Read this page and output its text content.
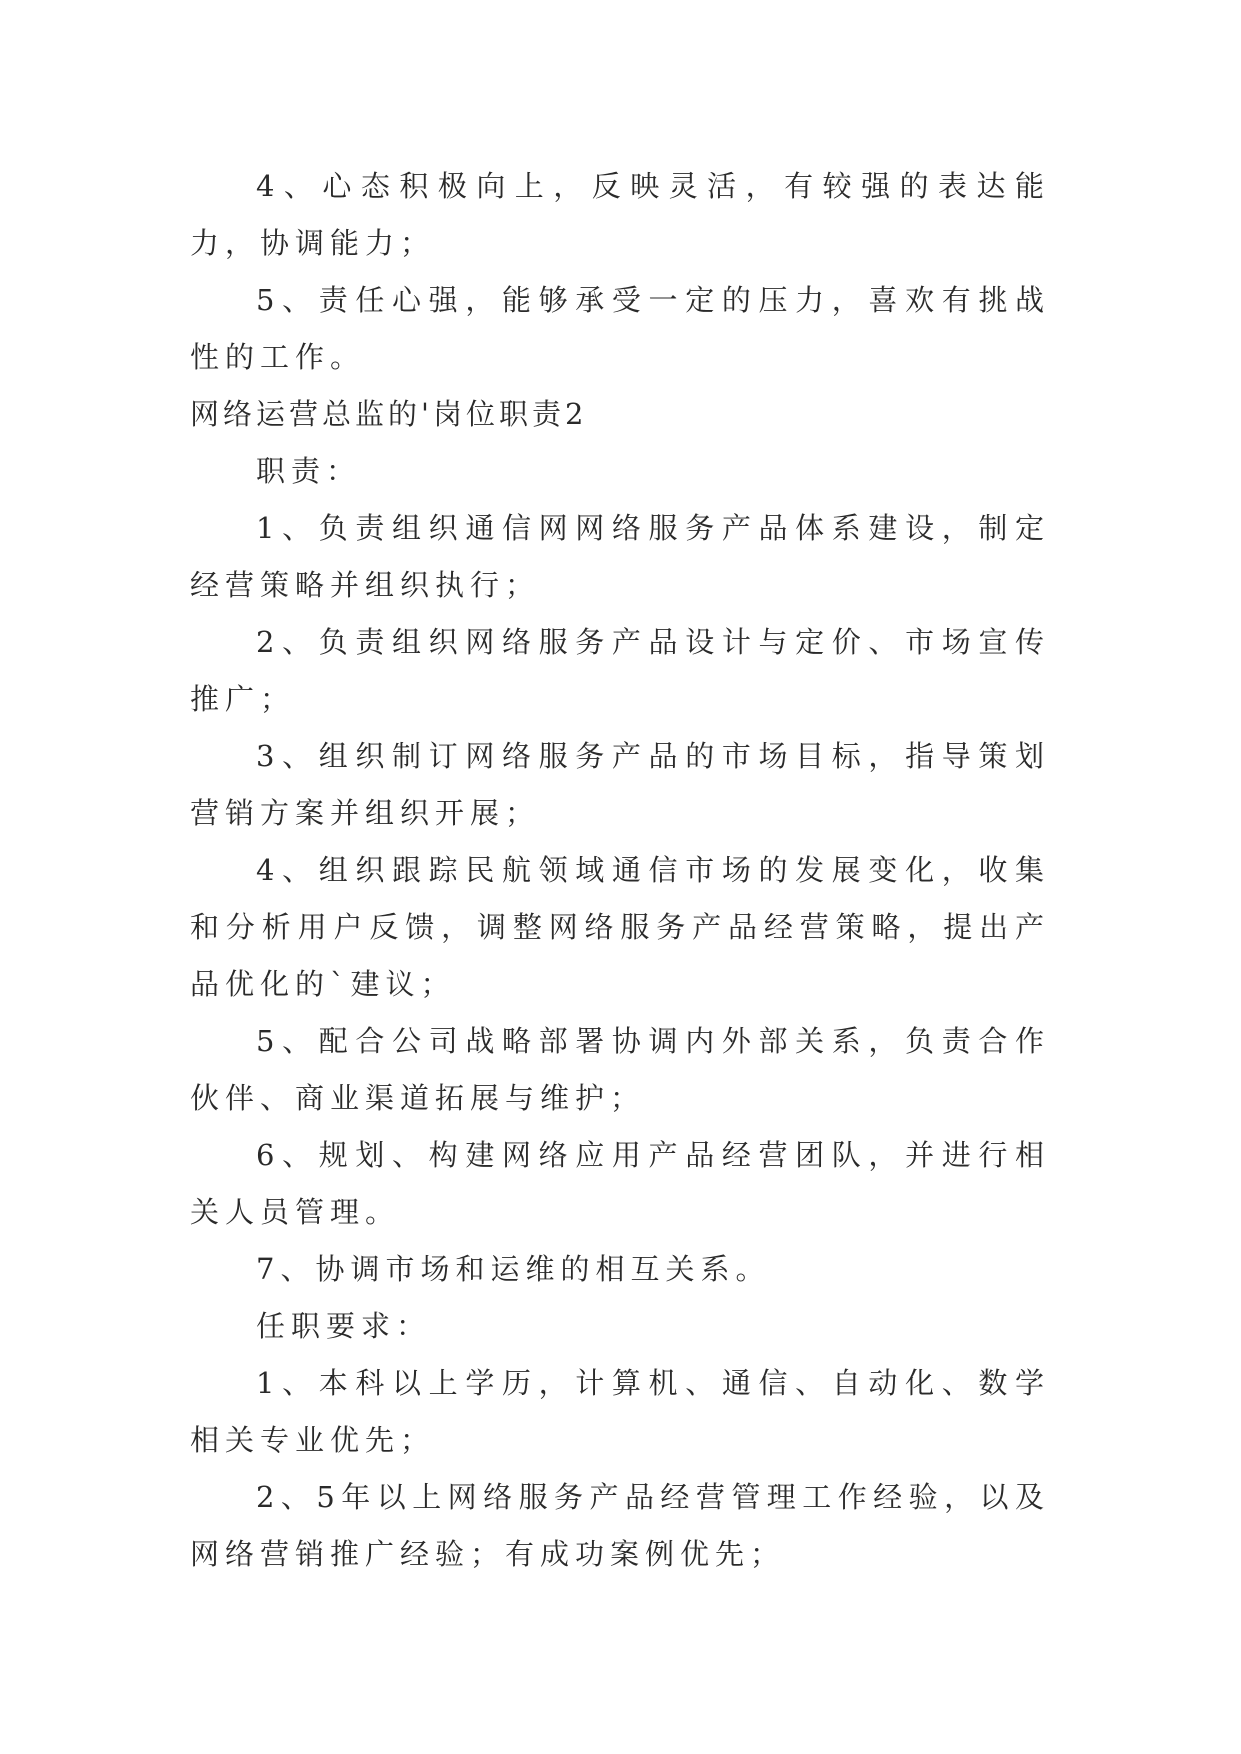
4、心态积极向上，反映灵活，有较强的表达能力，协调能力；

5、责任心强，能够承受一定的压力，喜欢有挑战性的工作。

网络运营总监的'岗位职责2

职责：

1、负责组织通信网网络服务产品体系建设，制定经营策略并组织执行；

2、负责组织网络服务产品设计与定价、市场宣传推广；

3、组织制订网络服务产品的市场目标，指导策划营销方案并组织开展；

4、组织跟踪民航领域通信市场的发展变化，收集和分析用户反馈，调整网络服务产品经营策略，提出产品优化的`建议；

5、配合公司战略部署协调内外部关系，负责合作伙伴、商业渠道拓展与维护；

6、规划、构建网络应用产品经营团队，并进行相关人员管理。

7、协调市场和运维的相互关系。

任职要求：

1、本科以上学历，计算机、通信、自动化、数学相关专业优先；

2、5年以上网络服务产品经营管理工作经验，以及网络营销推广经验；有成功案例优先；
